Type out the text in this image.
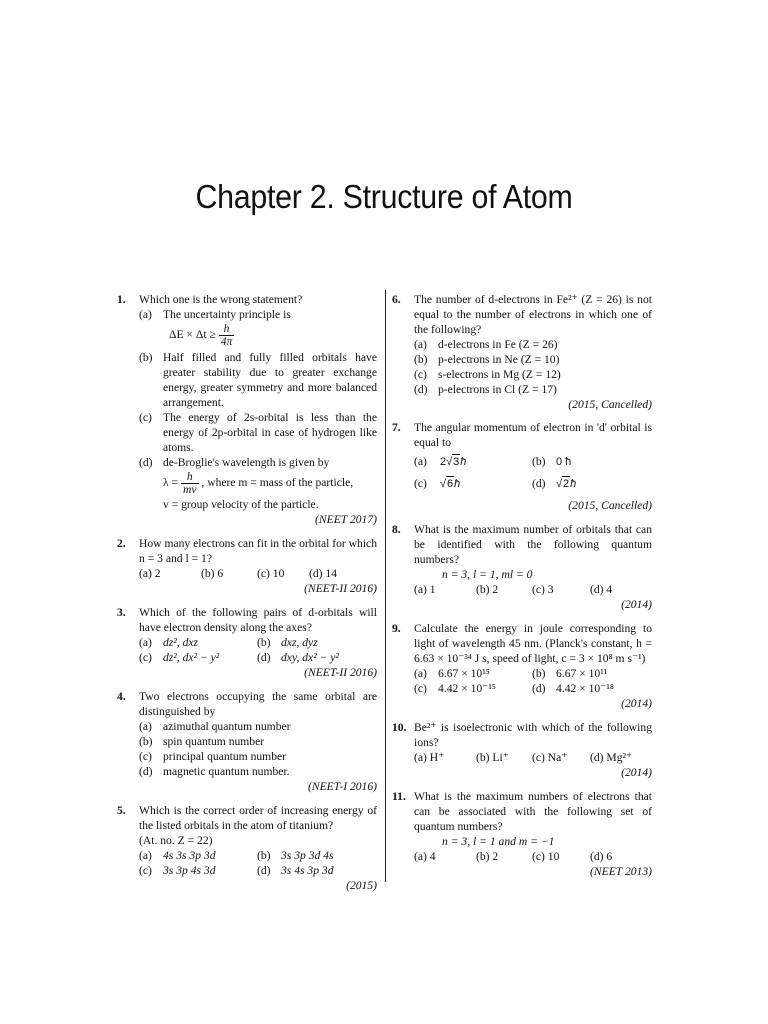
Chapter 2. Structure of Atom
1. Which one is the wrong statement?
(a) The uncertainty principle is
$\Delta E \times \Delta t \ge \frac{h}{4\pi}$
(b) Half filled and fully filled orbitals have greater stability due to greater exchange energy, greater symmetry and more balanced arrangement.
(c) The energy of 2s-orbital is less than the energy of 2p-orbital in case of hydrogen like atoms.
(d) de-Broglie's wavelength is given by
$\lambda = \frac{h}{mv}$ , where m = mass of the particle,
v = group velocity of the particle.
(NEET 2017)
2. How many electrons can fit in the orbital for which n = 3 and l = 1?
(a) 2	(b) 6	(c) 10 (d) 14
(NEET-II 2016)
3. Which of the following pairs of d-orbitals will have electron density along the axes?
(a) dz², dxz	(b) dxz, dyz
(c) dz², dx² − y²	(d) dxy, dx² − y²
(NEET-II 2016)
4. Two electrons occupying the same orbital are distinguished by
(a) azimuthal quantum number
(b) spin quantum number
(c) principal quantum number
(d) magnetic quantum number.
(NEET-I 2016)
5. Which is the correct order of increasing energy of the listed orbitals in the atom of titanium?
(At. no. Z = 22)
(a) 4s 3s 3p 3d	(b) 3s 3p 3d 4s
(c) 3s 3p 4s 3d	(d) 3s 4s 3p 3d
(2015)
6. The number of d-electrons in Fe²⁺ (Z = 26) is not equal to the number of electrons in which one of the following?
(a) d-electrons in Fe (Z = 26)
(b) p-electrons in Ne (Z = 10)
(c) s-electrons in Mg (Z = 12)
(d) p-electrons in Cl (Z = 17)
(2015, Cancelled)
7. The angular momentum of electron in 'd' orbital is equal to
(a) 2√3ħ	(b) 0 ħ
(c) √6ħ	(d) √2ħ
(2015, Cancelled)
8. What is the maximum number of orbitals that can be identified with the following quantum numbers?
n = 3, l = 1, ml = 0
(a) 1	(b) 2	(c) 3	(d) 4
(2014)
9. Calculate the energy in joule corresponding to light of wavelength 45 nm. (Planck's constant, h = 6.63 × 10⁻³⁴ J s, speed of light, c = 3 × 10⁸ m s⁻¹)
(a) 6.67 × 10¹⁵	(b) 6.67 × 10¹¹
(c) 4.42 × 10⁻¹⁵	(d) 4.42 × 10⁻¹⁸
(2014)
10. Be²⁺ is isoelectronic with which of the following ions?
(a) H⁺	(b) Li⁺ (c) Na⁺ (d) Mg²⁺
(2014)
11. What is the maximum numbers of electrons that can be associated with the following set of quantum numbers?
n = 3, l = 1 and m = −1
(a) 4	(b) 2	(c) 10	(d) 6
(NEET 2013)
